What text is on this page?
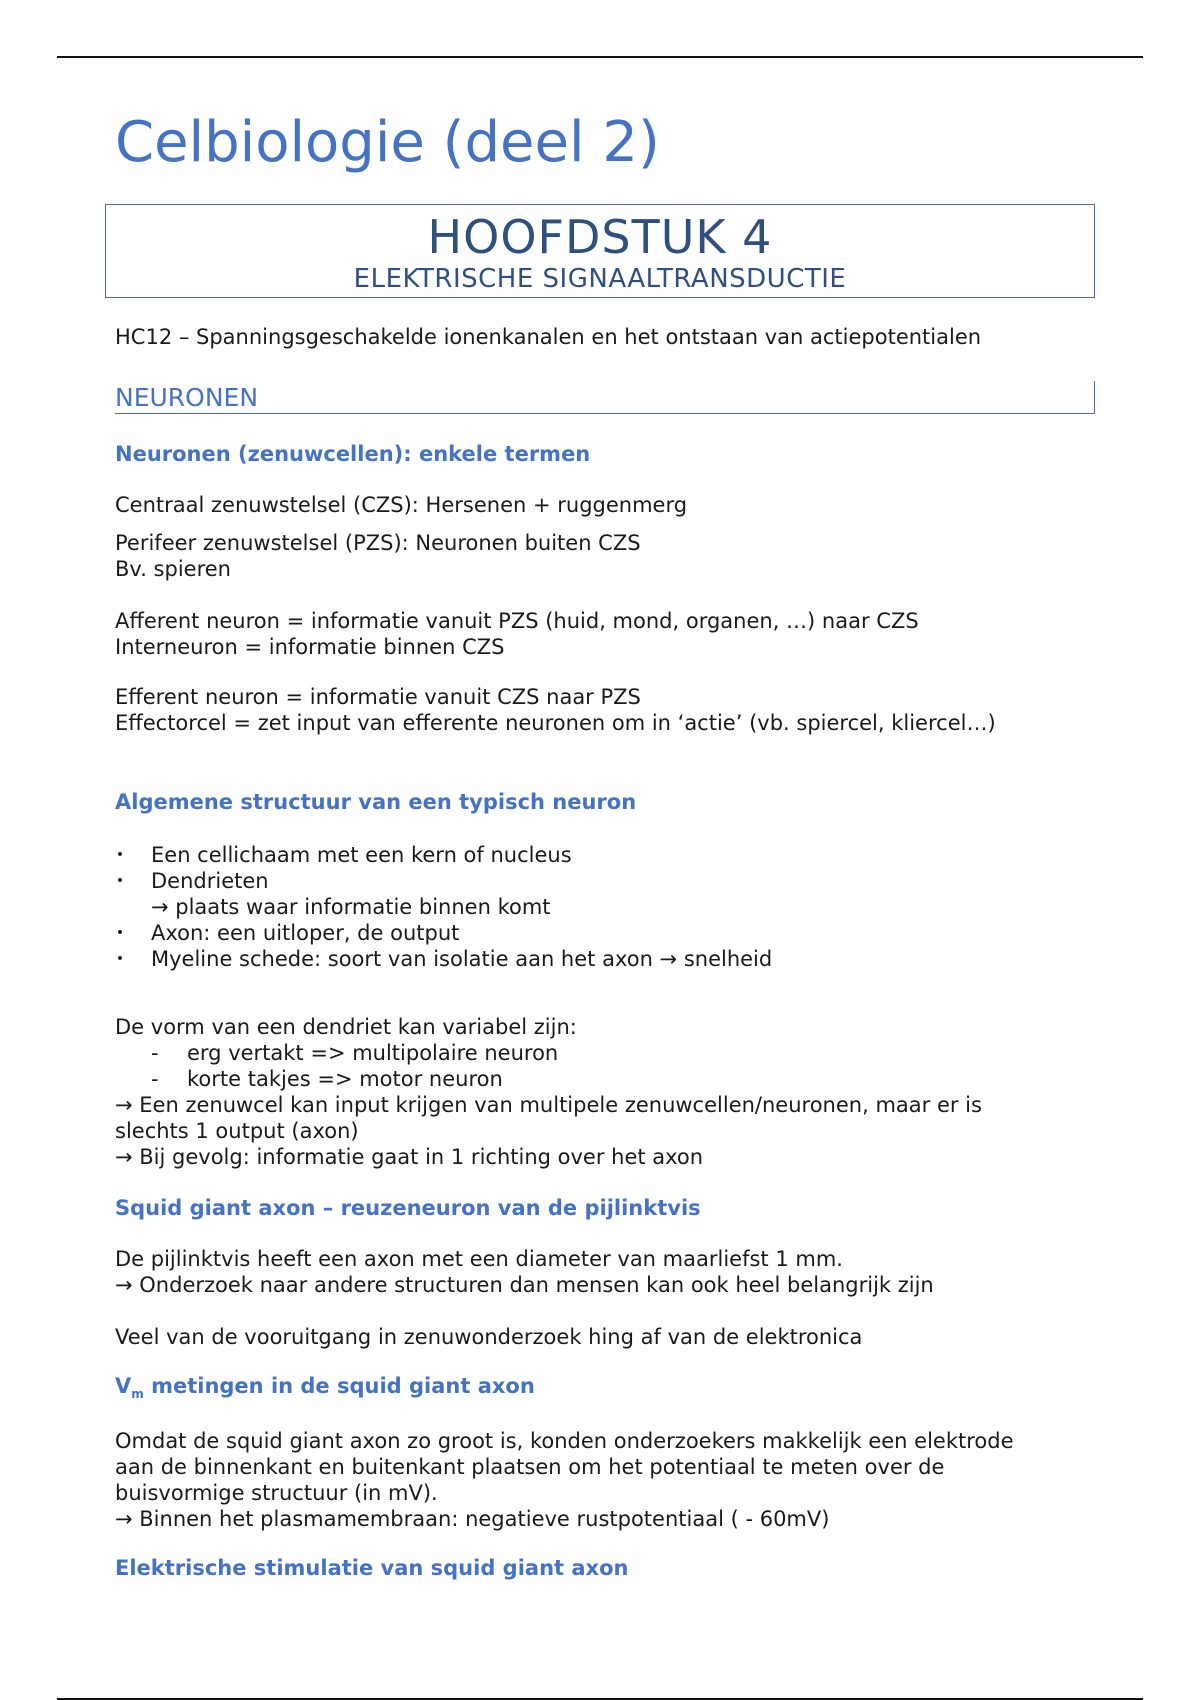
Celbiologie (deel 2)
HOOFDSTUK 4
ELEKTRISCHE SIGNAALTRANSDUCTIE
HC12 – Spanningsgeschakelde ionenkanalen en het ontstaan van actiepotentialen
NEURONEN
Neuronen (zenuwcellen): enkele termen

Centraal zenuwstelsel (CZS): Hersenen + ruggenmerg

Perifeer zenuwstelsel (PZS): Neuronen buiten CZS

Bv. spieren

Afferent neuron = informatie vanuit PZS (huid, mond, organen, …) naar CZS

Interneuron = informatie binnen CZS

Efferent neuron = informatie vanuit CZS naar PZS

Effectorcel = zet input van efferente neuronen om in ‘actie’ (vb. spiercel, kliercel…)

Algemene structuur van een typisch neuron
• Een cellichaam met een kern of nucleus
• Dendrieten
→ plaats waar informatie binnen komt
• Axon: een uitloper, de output
• Myeline schede: soort van isolatie aan het axon → snelheid
De vorm van een dendriet kan variabel zijn:
- erg vertakt => multipolaire neuron
- korte takjes => motor neuron
→ Een zenuwcel kan input krijgen van multipele zenuwcellen/neuronen, maar er is
slechts 1 output (axon)
→ Bij gevolg: informatie gaat in 1 richting over het axon
Squid giant axon – reuzeneuron van de pijlinktvis

De pijlinktvis heeft een axon met een diameter van maarliefst 1 mm.

→ Onderzoek naar andere structuren dan mensen kan ook heel belangrijk zijn

Veel van de vooruitgang in zenuwonderzoek hing af van de elektronica

$V_m$ metingen in de squid giant axon
Omdat de squid giant axon zo groot is, konden onderzoekers makkelijk een elektrode
aan de binnenkant en buitenkant plaatsen om het potentiaal te meten over de
buisvormige structuur (in mV).
→ Binnen het plasmamembraan: negatieve rustpotentiaal ( - 60mV)
Elektrische stimulatie van squid giant axon
